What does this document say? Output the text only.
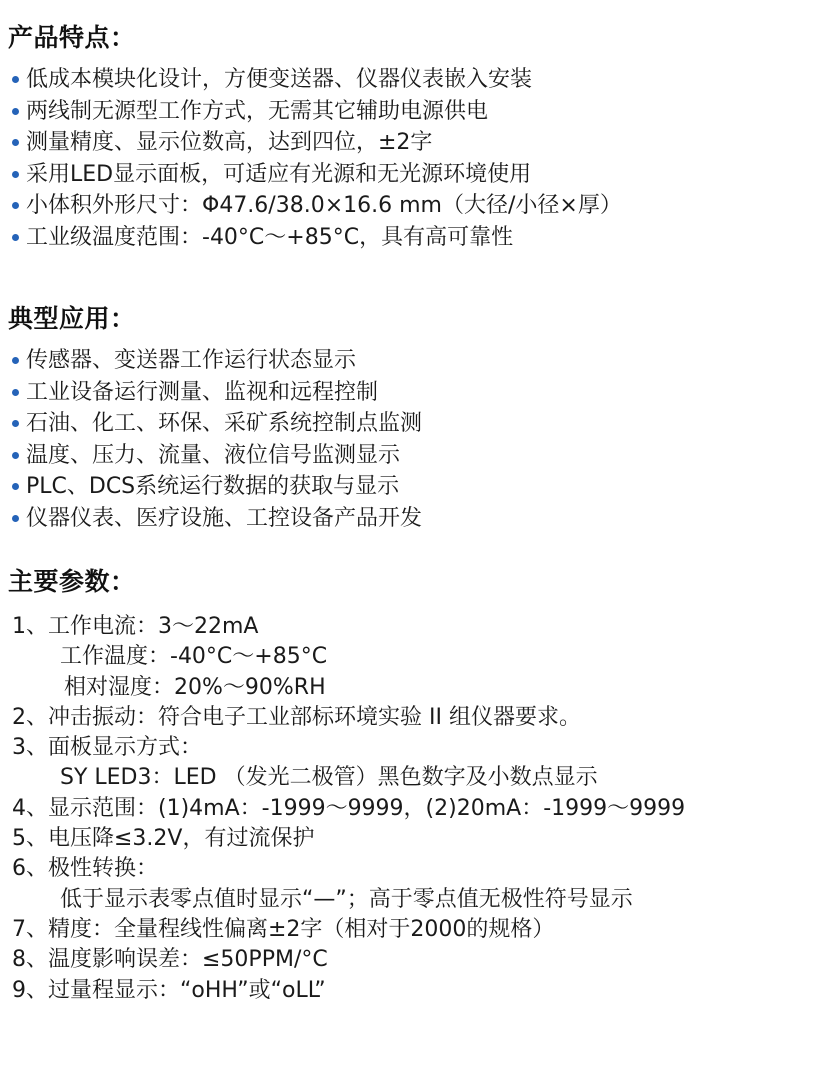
产品特点：
低成本模块化设计，方便变送器、仪器仪表嵌入安装
两线制无源型工作方式，无需其它辅助电源供电
测量精度、显示位数高，达到四位，±2字
采用LED显示面板，可适应有光源和无光源环境使用
小体积外形尺寸：Φ47.6/38.0×16.6 mm（大径/小径×厚）
工业级温度范围：-40°C～+85°C，具有高可靠性
典型应用：
传感器、变送器工作运行状态显示
工业设备运行测量、监视和远程控制
石油、化工、环保、采矿系统控制点监测
温度、压力、流量、液位信号监测显示
PLC、DCS系统运行数据的获取与显示
仪器仪表、医疗设施、工控设备产品开发
主要参数：
1、工作电流：3～22mA
工作温度：-40°C～+85°C
相对湿度：20%～90%RH
2、冲击振动：符合电子工业部标环境实验 II 组仪器要求。
3、面板显示方式：
SY LED3：LED （发光二极管）黑色数字及小数点显示
4、显示范围：(1)4mA：-1999～9999，(2)20mA：-1999～9999
5、电压降≤3.2V，有过流保护
6、极性转换：
低于显示表零点值时显示“—”；高于零点值无极性符号显示
7、精度：全量程线性偏离±2字（相对于2000的规格）
8、温度影响误差：≤50PPM/°C
9、过量程显示：“oHH”或“oLL”
